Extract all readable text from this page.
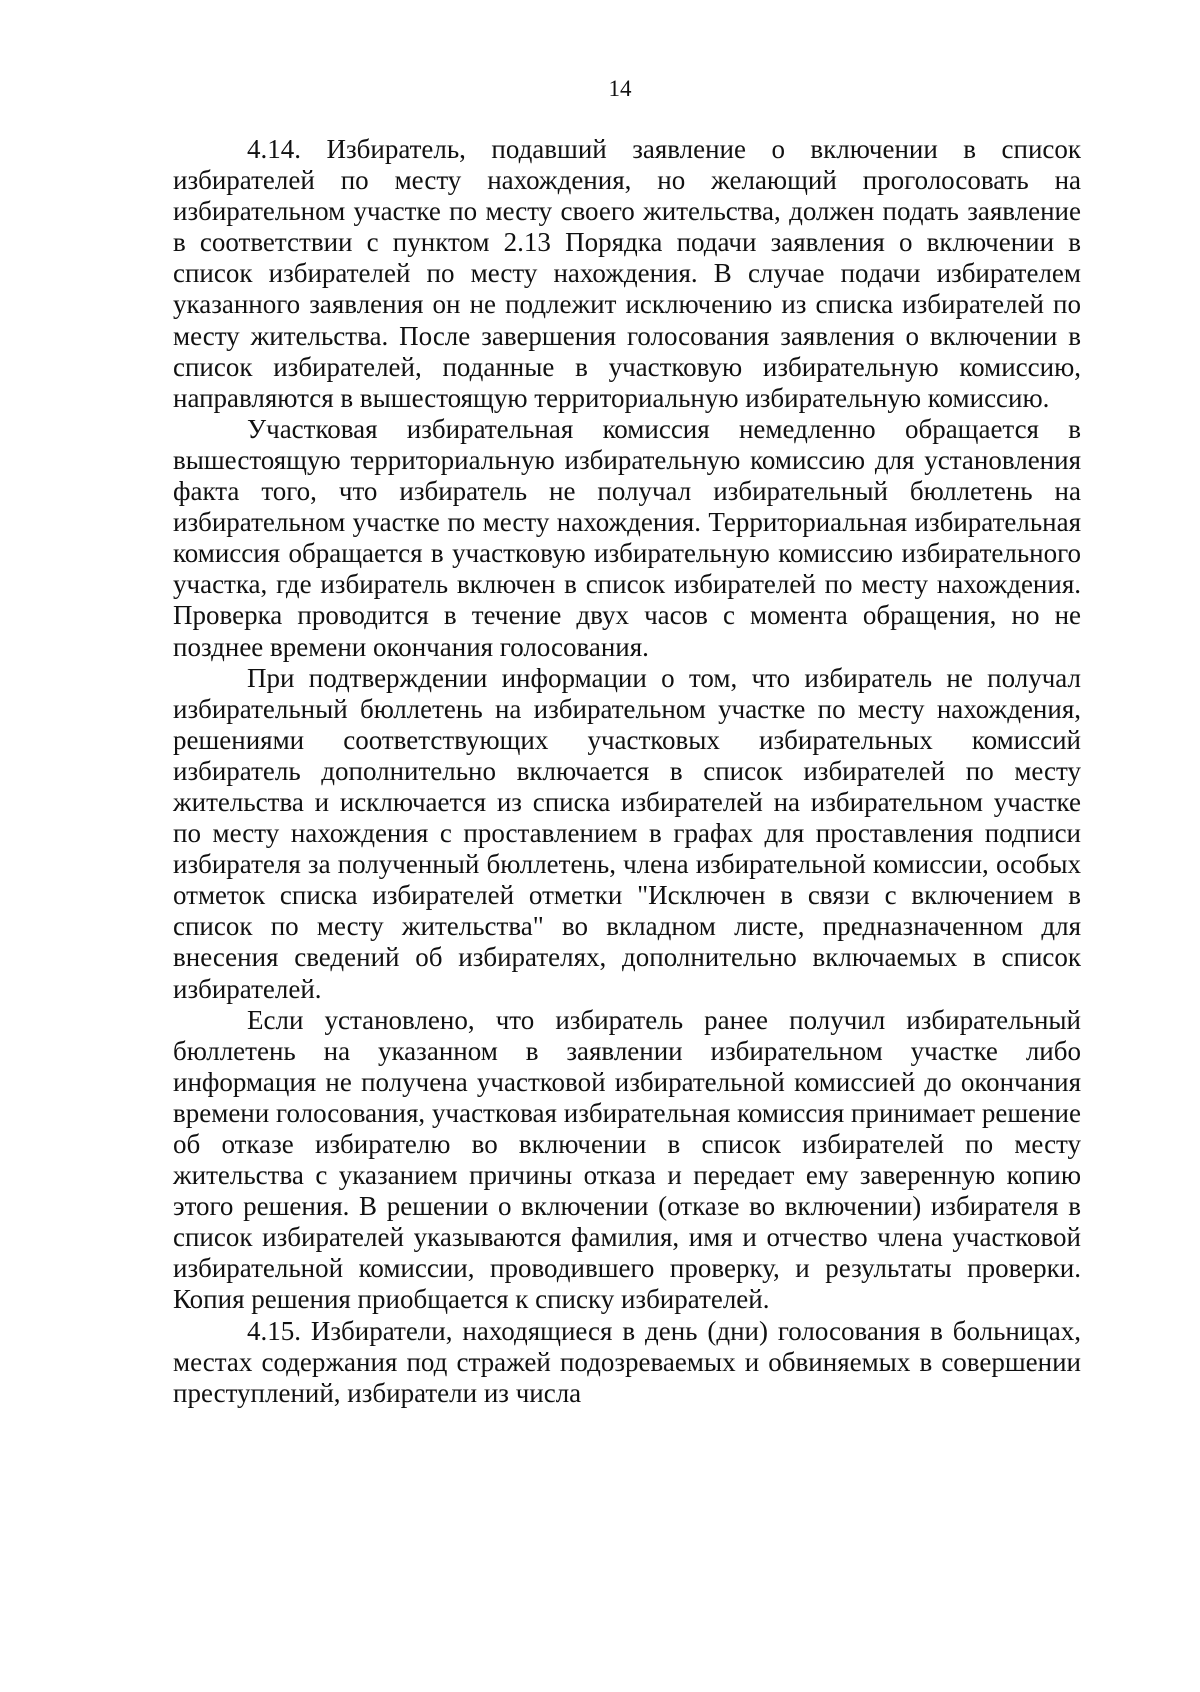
14

4.14. Избиратель, подавший заявление о включении в список избирателей по месту нахождения, но желающий проголосовать на избирательном участке по месту своего жительства, должен подать заявление в соответствии с пунктом 2.13 Порядка подачи заявления о включении в список избирателей по месту нахождения. В случае подачи избирателем указанного заявления он не подлежит исключению из списка избирателей по месту жительства. После завершения голосования заявления о включении в список избирателей, поданные в участковую избирательную комиссию, направляются в вышестоящую территориальную избирательную комиссию.

Участковая избирательная комиссия немедленно обращается в вышестоящую территориальную избирательную комиссию для установления факта того, что избиратель не получал избирательный бюллетень на избирательном участке по месту нахождения. Территориальная избирательная комиссия обращается в участковую избирательную комиссию избирательного участка, где избиратель включен в список избирателей по месту нахождения. Проверка проводится в течение двух часов с момента обращения, но не позднее времени окончания голосования.

При подтверждении информации о том, что избиратель не получал избирательный бюллетень на избирательном участке по месту нахождения, решениями соответствующих участковых избирательных комиссий избиратель дополнительно включается в список избирателей по месту жительства и исключается из списка избирателей на избирательном участке по месту нахождения с проставлением в графах для проставления подписи избирателя за полученный бюллетень, члена избирательной комиссии, особых отметок списка избирателей отметки "Исключен в связи с включением в список по месту жительства" во вкладном листе, предназначенном для внесения сведений об избирателях, дополнительно включаемых в список избирателей.

Если установлено, что избиратель ранее получил избирательный бюллетень на указанном в заявлении избирательном участке либо информация не получена участковой избирательной комиссией до окончания времени голосования, участковая избирательная комиссия принимает решение об отказе избирателю во включении в список избирателей по месту жительства с указанием причины отказа и передает ему заверенную копию этого решения. В решении о включении (отказе во включении) избирателя в список избирателей указываются фамилия, имя и отчество члена участковой избирательной комиссии, проводившего проверку, и результаты проверки. Копия решения приобщается к списку избирателей.

4.15. Избиратели, находящиеся в день (дни) голосования в больницах, местах содержания под стражей подозреваемых и обвиняемых в совершении преступлений, избиратели из числа
